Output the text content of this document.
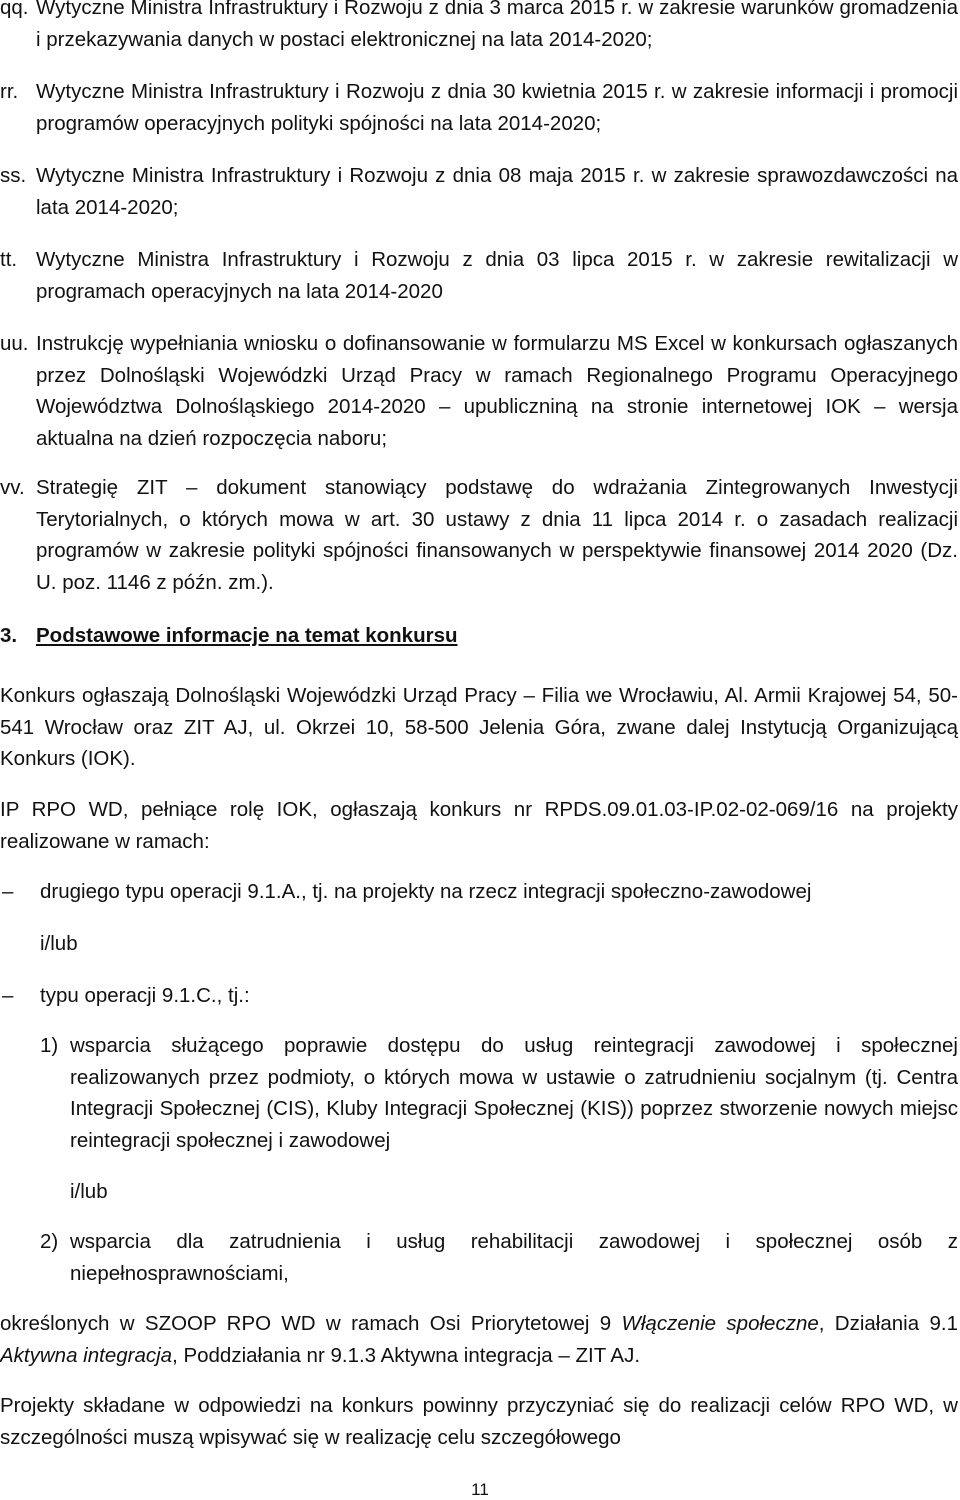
qq. Wytyczne Ministra Infrastruktury i Rozwoju z dnia 3 marca 2015 r. w zakresie warunków gromadzenia i przekazywania danych w postaci elektronicznej na lata 2014-2020;
rr. Wytyczne Ministra Infrastruktury i Rozwoju z dnia 30 kwietnia 2015 r. w zakresie informacji i promocji programów operacyjnych polityki spójności na lata 2014-2020;
ss. Wytyczne Ministra Infrastruktury i Rozwoju z dnia 08 maja 2015 r. w zakresie sprawozdawczości na lata 2014-2020;
tt. Wytyczne Ministra Infrastruktury i Rozwoju z dnia 03 lipca 2015 r. w zakresie rewitalizacji w programach operacyjnych na lata 2014-2020
uu. Instrukcję wypełniania wniosku o dofinansowanie w formularzu MS Excel w konkursach ogłaszanych przez Dolnośląski Wojewódzki Urząd Pracy w ramach Regionalnego Programu Operacyjnego Województwa Dolnośląskiego 2014-2020 – upubliczniną na stronie internetowej IOK – wersja aktualna na dzień rozpoczęcia naboru;
vv. Strategię ZIT – dokument stanowiący podstawę do wdrażania Zintegrowanych Inwestycji Terytorialnych, o których mowa w art. 30 ustawy z dnia 11 lipca 2014 r. o zasadach realizacji programów w zakresie polityki spójności finansowanych w perspektywie finansowej 2014 2020 (Dz. U. poz. 1146 z późn. zm.).
3. Podstawowe informacje na temat konkursu
Konkurs ogłaszają Dolnośląski Wojewódzki Urząd Pracy – Filia we Wrocławiu, Al. Armii Krajowej 54, 50-541 Wrocław oraz ZIT AJ, ul. Okrzei 10, 58-500 Jelenia Góra, zwane dalej Instytucją Organizującą Konkurs (IOK).
IP RPO WD, pełniące rolę IOK, ogłaszają konkurs nr RPDS.09.01.03-IP.02-02-069/16 na projekty realizowane w ramach:
– drugiego typu operacji 9.1.A., tj. na projekty na rzecz integracji społeczno-zawodowej
i/lub
– typu operacji 9.1.C., tj.:
1) wsparcia służącego poprawie dostępu do usług reintegracji zawodowej i społecznej realizowanych przez podmioty, o których mowa w ustawie o zatrudnieniu socjalnym (tj. Centra Integracji Społecznej (CIS), Kluby Integracji Społecznej (KIS)) poprzez stworzenie nowych miejsc reintegracji społecznej i zawodowej
i/lub
2) wsparcia dla zatrudnienia i usług rehabilitacji zawodowej i społecznej osób z niepełnosprawnościami,
określonych w SZOOP RPO WD w ramach Osi Priorytetowej 9 Włączenie społeczne, Działania 9.1 Aktywna integracja, Poddziałania nr 9.1.3 Aktywna integracja – ZIT AJ.
Projekty składane w odpowiedzi na konkurs powinny przyczyniać się do realizacji celów RPO WD, w szczególności muszą wpisywać się w realizację celu szczegółowego
11
